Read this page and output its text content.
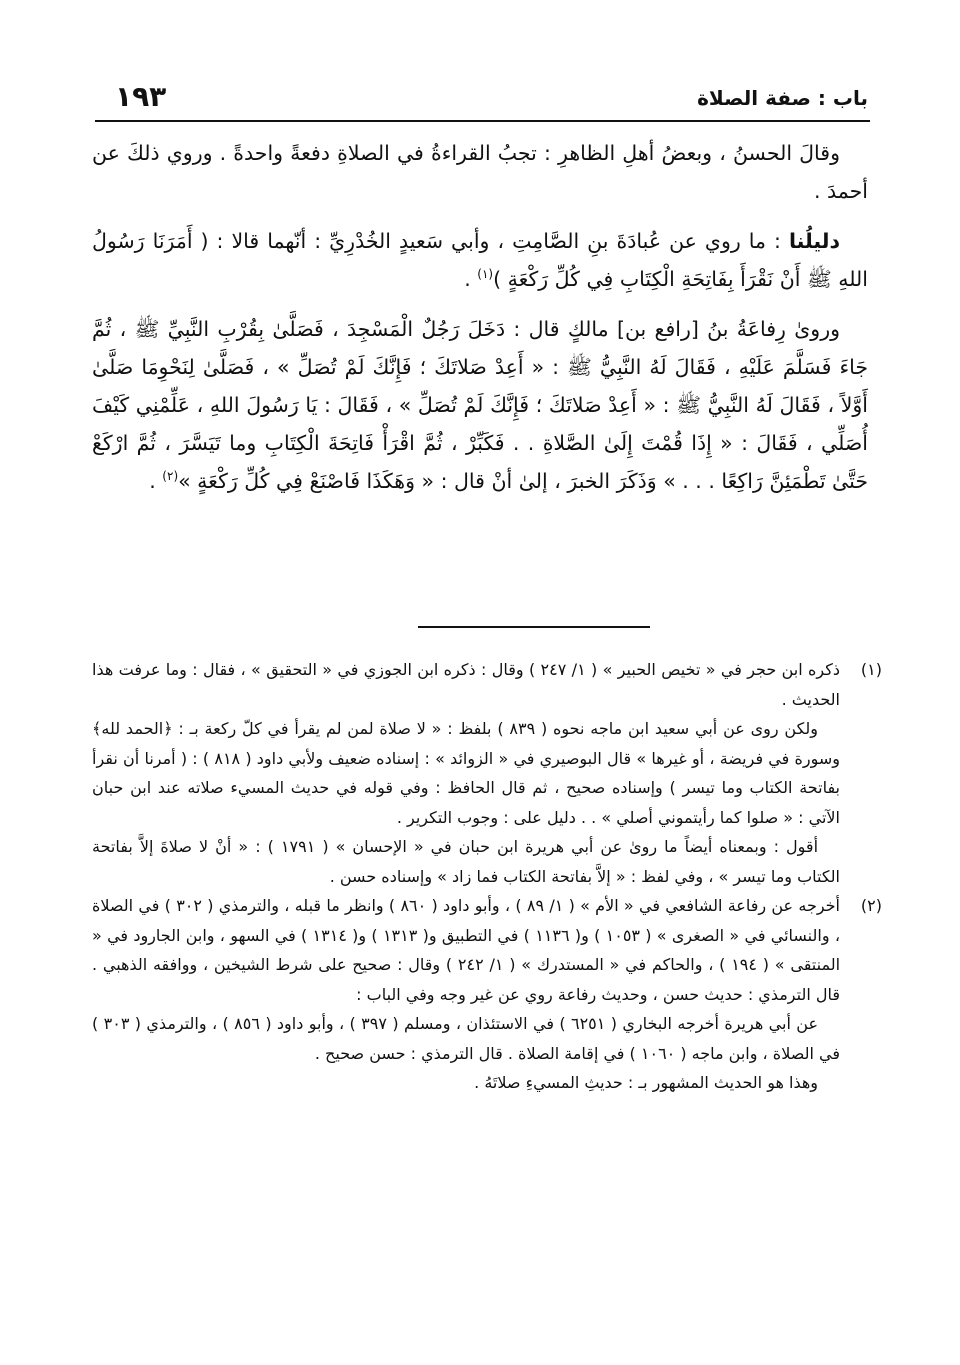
باب : صفة الصلاة
١٩٣

وقالَ الحسنُ ، وبعضُ أهلِ الظاهرِ : تجبُ القراءةُ في الصلاةِ دفعةً واحدةً . وروي ذلكَ عن أحمدَ .

دليلُنا : ما روي عن عُبادَةَ بنِ الصَّامِتِ ، وأبي سَعيدٍ الخُدْرِيِّ : أنّهما قالا : ( أَمَرَنَا رَسُولُ اللهِ ﷺ أَنْ نَقْرَأَ بِفَاتِحَةِ الْكِتَابِ فِي كُلِّ رَكْعَةٍ )$^{(١)}$ .

وروىٰ رِفاعَةُ بنُ [رافع بن] مالكٍ قال : دَخَلَ رَجُلٌ الْمَسْجِدَ ، فَصَلَّىٰ بِقُرْبِ النَّبِيِّ ﷺ ، ثُمَّ جَاءَ فَسَلَّمَ عَلَيْهِ ، فَقَالَ لَهُ النَّبِيُّ ﷺ : « أَعِدْ صَلاتَكَ ؛ فَإِنَّكَ لَمْ تُصَلِّ » ، فَصَلَّىٰ لِنَحْوِمَا صَلَّىٰ أَوَّلاً ، فَقَالَ لَهُ النَّبِيُّ ﷺ : « أَعِدْ صَلاتَكَ ؛ فَإِنَّكَ لَمْ تُصَلِّ » ، فَقَالَ : يَا رَسُولَ اللهِ ، عَلِّمْنِي كَيْفَ أُصَلِّي ، فَقَالَ : « إِذَا قُمْتَ إِلَىٰ الصَّلاةِ . . فَكَبِّرْ ، ثُمَّ اقْرَأْ فَاتِحَةَ الْكِتَابِ وما تَيَسَّرَ ، ثُمَّ ارْكَعْ حَتَّىٰ تَطْمَئِنَّ رَاكِعًا . . . » وَذَكَرَ الخبرَ ، إلىٰ أنْ قال : « وَهَكَذَا فَاصْنَعْ فِي كُلِّ رَكْعَةٍ »$^{(٢)}$ .

(١)

ذكره ابن حجر في « تخيص الحبير » ( ١/ ٢٤٧ ) وقال : ذكره ابن الجوزي في « التحقيق » ، فقال : وما عرفت هذا الحديث .

ولكن روى عن أبي سعيد ابن ماجه نحوه ( ٨٣٩ ) بلفظ : « لا صلاة لمن لم يقرأ في كلّ ركعة بـ : ﴿الحمد لله﴾ وسورة في فريضة ، أو غيرها » قال البوصيري في « الزوائد » : إسناده ضعيف ولأبي داود ( ٨١٨ ) : ( أمرنا أن نقرأ بفاتحة الكتاب وما تيسر ) وإسناده صحيح ، ثم قال الحافظ : وفي قوله في حديث المسيء صلاته عند ابن حبان الآتي : « صلوا كما رأيتموني أصلي » . . دليل على : وجوب التكرير .

أقول : وبمعناه أيضاً ما روىٰ عن أبي هريرة ابن حبان في « الإحسان » ( ١٧٩١ ) : « أنْ لا صلاةَ إلاَّ بفاتحة الكتاب وما تيسر » ، وفي لفظ : « إلاَّ بفاتحة الكتاب فما زاد » وإسناده حسن .

(٢)

أخرجه عن رفاعة الشافعي في « الأم » ( ١/ ٨٩ ) ، وأبو داود ( ٨٦٠ ) وانظر ما قبله ، والترمذي ( ٣٠٢ ) في الصلاة ، والنسائي في « الصغرى » ( ١٠٥٣ ) و( ١١٣٦ ) في التطبيق و( ١٣١٣ ) و( ١٣١٤ ) في السهو ، وابن الجارود في « المنتقى » ( ١٩٤ ) ، والحاكم في « المستدرك » ( ١/ ٢٤٢ ) وقال : صحيح على شرط الشيخين ، ووافقه الذهبي . قال الترمذي : حديث حسن ، وحديث رفاعة روي عن غير وجه وفي الباب :

عن أبي هريرة أخرجه البخاري ( ٦٢٥١ ) في الاستئذان ، ومسلم ( ٣٩٧ ) ، وأبو داود ( ٨٥٦ ) ، والترمذي ( ٣٠٣ ) في الصلاة ، وابن ماجه ( ١٠٦٠ ) في إقامة الصلاة . قال الترمذي : حسن صحيح .

وهذا هو الحديث المشهور بـ : حديثِ المسيءِ صلاتَهُ .
